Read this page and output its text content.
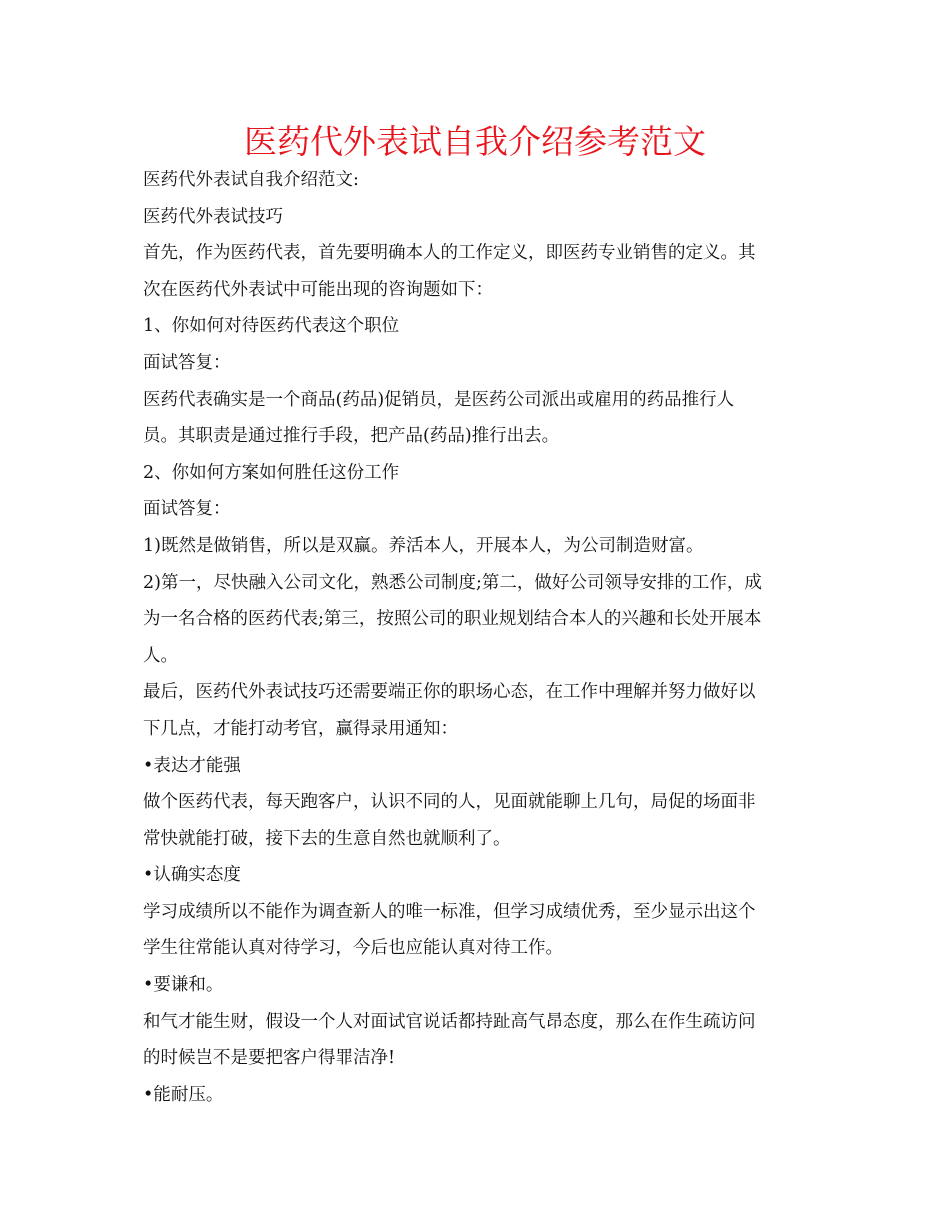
医药代外表试自我介绍参考范文

医药代外表试自我介绍范文:

医药代外表试技巧

首先，作为医药代表，首先要明确本人的工作定义，即医药专业销售的定义。其

次在医药代外表试中可能出现的咨询题如下：

1、你如何对待医药代表这个职位

面试答复：

医药代表确实是一个商品(药品)促销员，是医药公司派出或雇用的药品推行人

员。其职责是通过推行手段，把产品(药品)推行出去。

2、你如何方案如何胜任这份工作

面试答复：

1)既然是做销售，所以是双赢。养活本人，开展本人，为公司制造财富。

2)第一，尽快融入公司文化，熟悉公司制度;第二，做好公司领导安排的工作，成

为一名合格的医药代表;第三，按照公司的职业规划结合本人的兴趣和长处开展本

人。

最后，医药代外表试技巧还需要端正你的职场心态，在工作中理解并努力做好以

下几点，才能打动考官，赢得录用通知：

•表达才能强

做个医药代表，每天跑客户，认识不同的人，见面就能聊上几句，局促的场面非

常快就能打破，接下去的生意自然也就顺利了。

•认确实态度

学习成绩所以不能作为调查新人的唯一标准，但学习成绩优秀，至少显示出这个

学生往常能认真对待学习，今后也应能认真对待工作。

•要谦和。

和气才能生财，假设一个人对面试官说话都持趾高气昂态度，那么在作生疏访问

的时候岂不是要把客户得罪洁净!

•能耐压。
